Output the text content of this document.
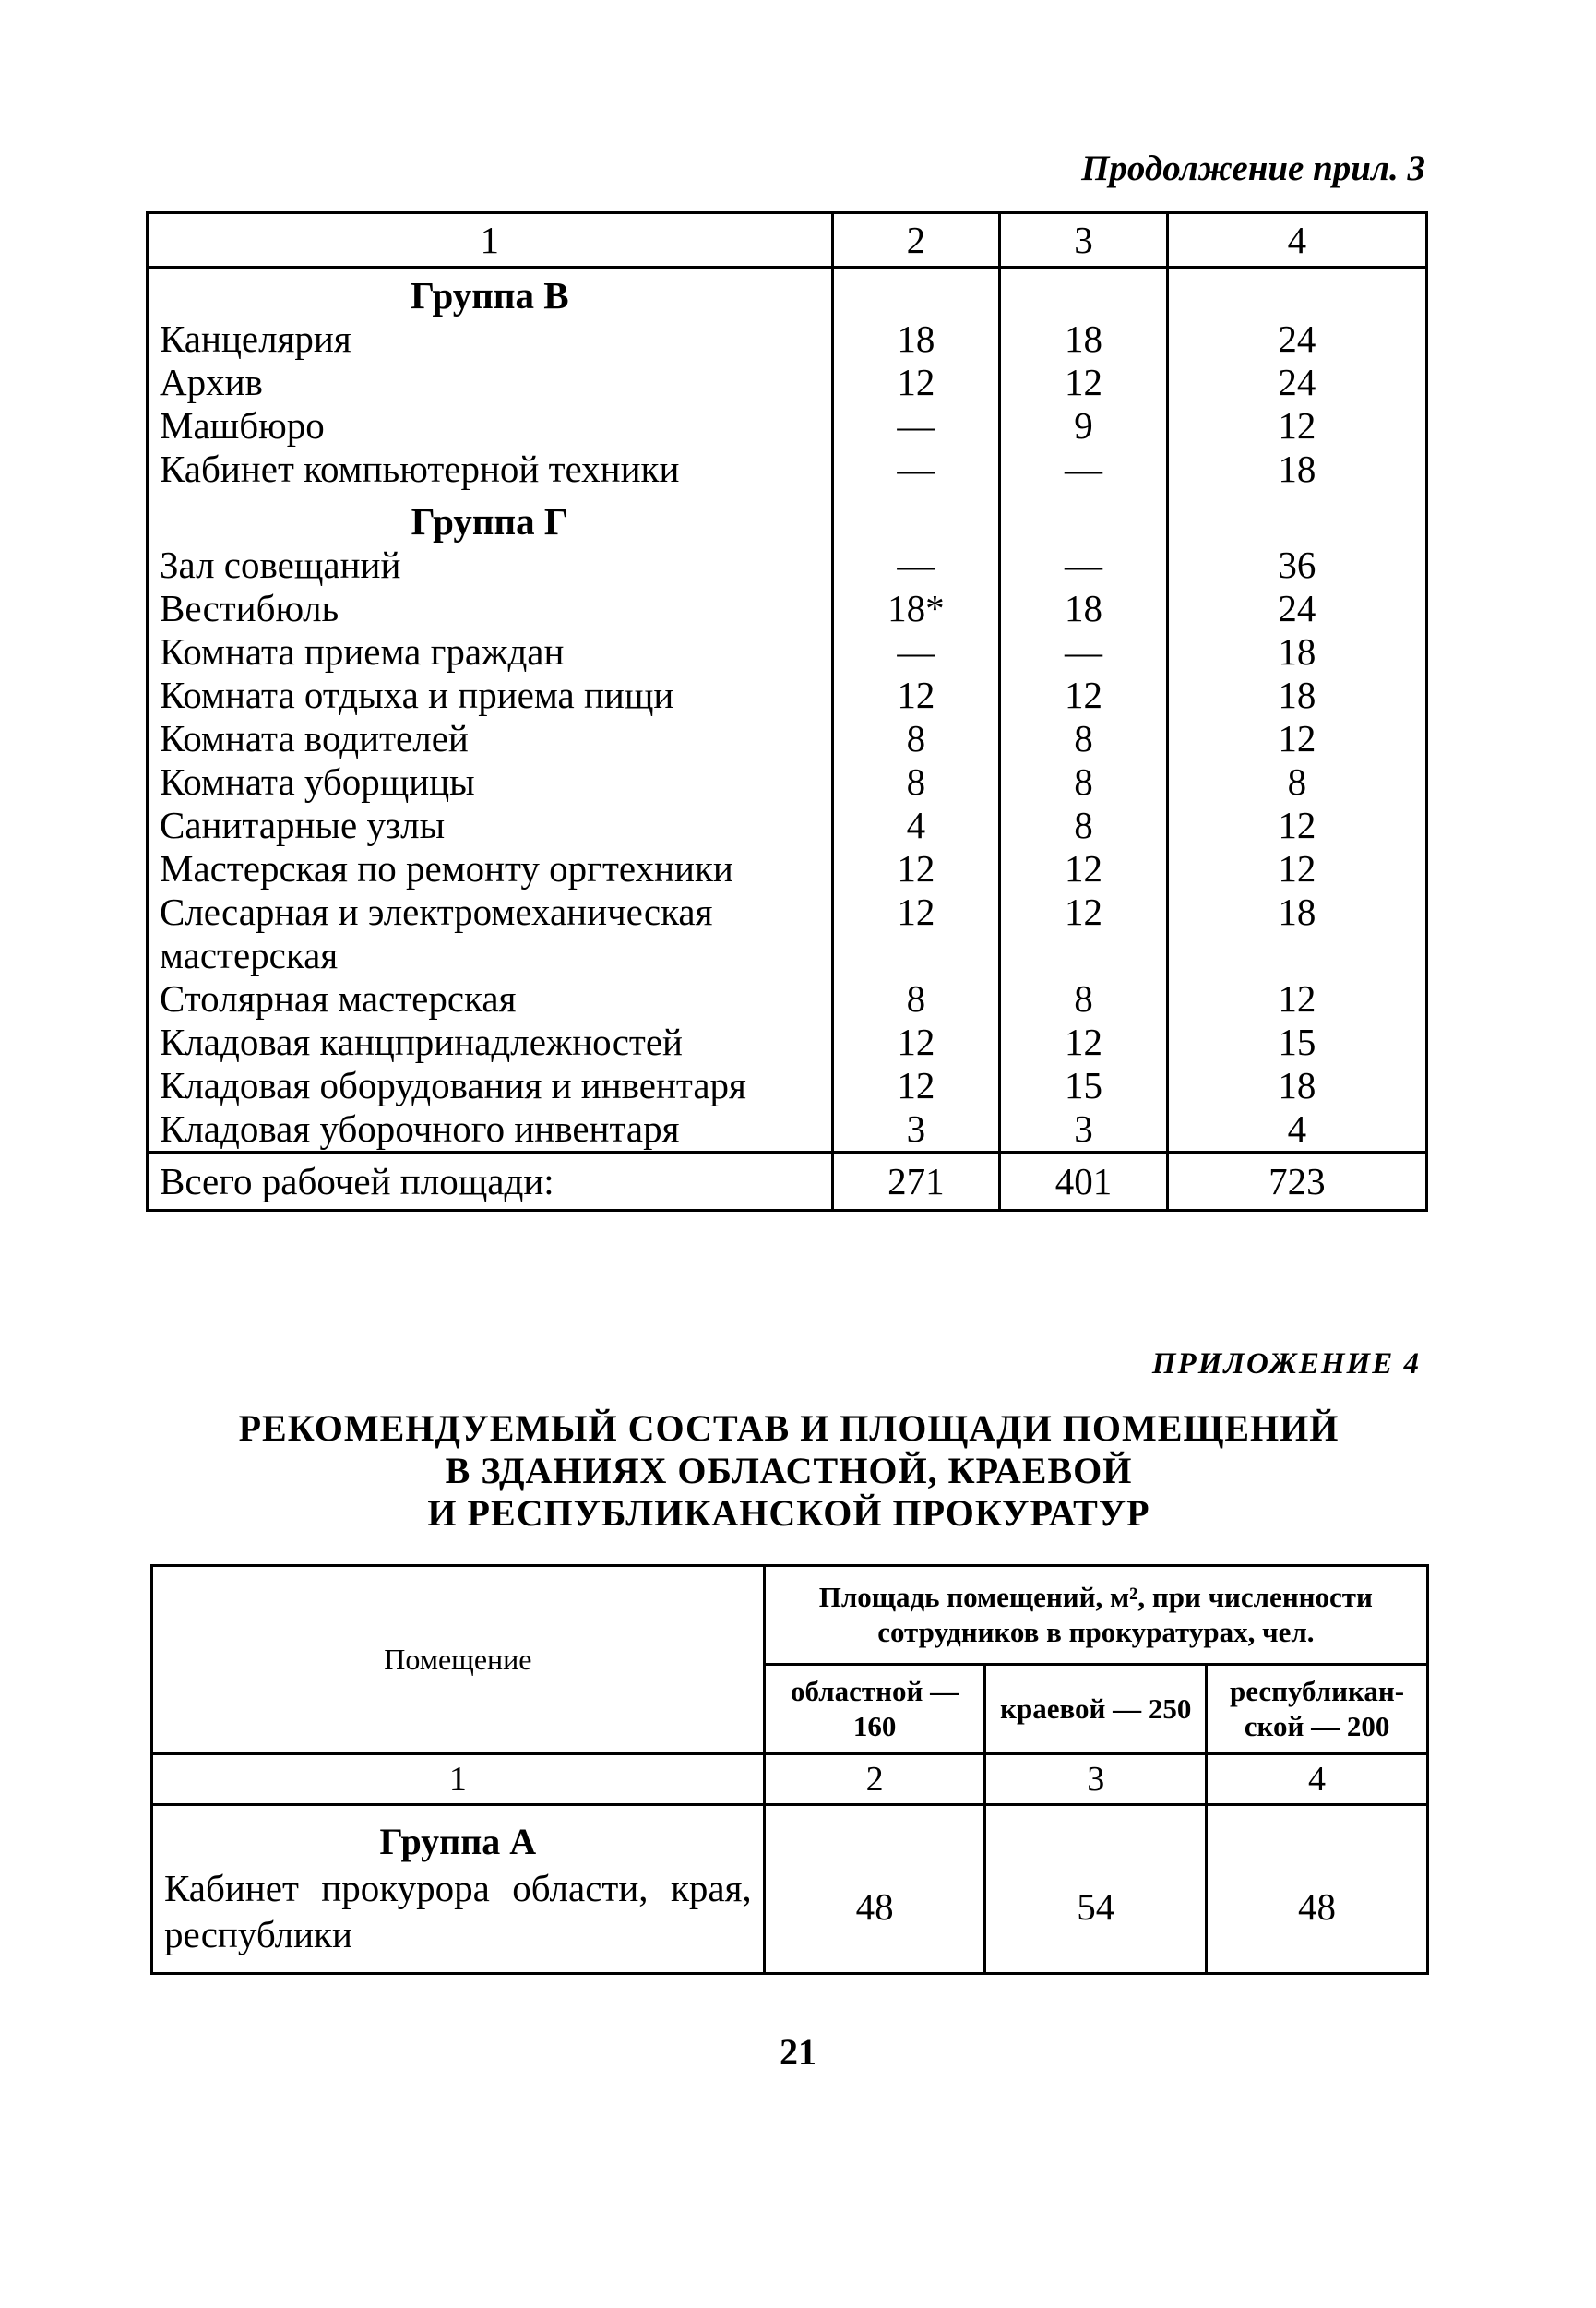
Продолжение прил. 3
1	2	3	4
Группа В			
Канцелярия	18	18	24
Архив	12	12	24
Машбюро	—	9	12
Кабинет компьютерной техники	—	—	18
Группа Г			
Зал совещаний	—	—	36
Вестибюль	18*	18	24
Комната приема граждан	—	—	18
Комната отдыха и приема пищи	12	12	18
Комната водителей	8	8	12
Комната уборщицы	8	8	8
Санитарные узлы	4	8	12
Мастерская по ремонту оргтехники	12	12	12
Слесарная и электромеханическая мастерская	12	12	18
Столярная мастерская	8	8	12
Кладовая канцпринадлежностей	12	12	15
Кладовая оборудования и инвентаря	12	15	18
Кладовая уборочного инвентаря	3	3	4
Всего рабочей площади:	271	401	723
ПРИЛОЖЕНИЕ 4
РЕКОМЕНДУЕМЫЙ СОСТАВ И ПЛОЩАДИ ПОМЕЩЕНИЙ
В ЗДАНИЯХ ОБЛАСТНОЙ, КРАЕВОЙ
И РЕСПУБЛИКАНСКОЙ ПРОКУРАТУР
Помещение	Площадь помещений, м², при численности сотрудников в прокуратурах, чел.		
	областной — 160	краевой — 250	республикан- ской — 200
1	2	3	4

Группа А
Кабинет прокурора области, края, республики	48	54	48
21
